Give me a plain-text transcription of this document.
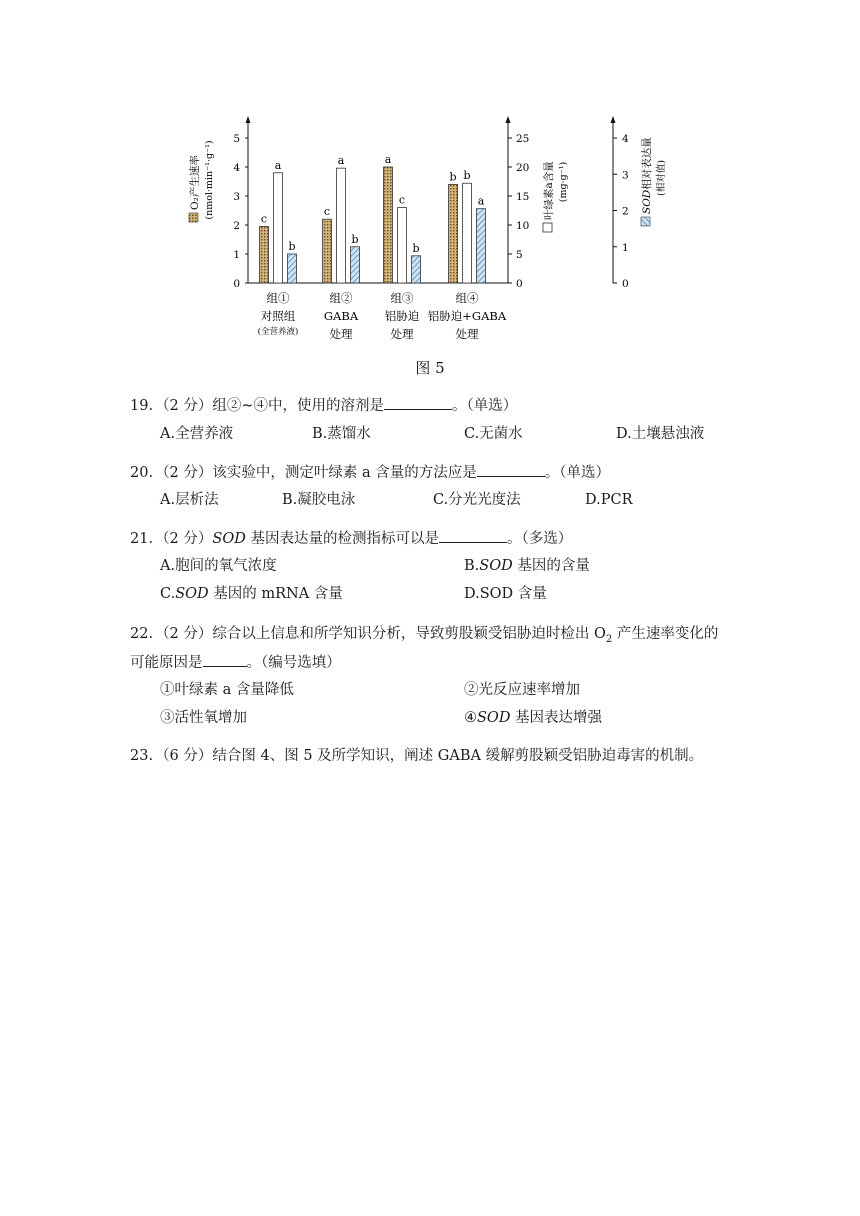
0
1
2
3
4
5
0
5
10
15
20
25
0
1
2
3
4
c
c
a
b
a	a
c
b
b
b
b
a
组①
对照组
(全营养液)
组②
GABA
处理
组③
铝胁迫
处理
组④
铝胁迫+GABA
处理
O₂产生速率 (nmol·min⁻¹·g⁻¹)	叶绿素a含量 (mg·g⁻¹)	SOD相对表达量 (相对值)
图 5
19. （2 分）组②~④中，使用的溶剂是	。（单选）
A.全营养液	B.蒸馏水	C.无菌水	D.土壤悬浊液
20. （2 分）该实验中，测定叶绿素 a 含量的方法应是	。（单选）
A.层析法	B.凝胶电泳	C.分光光度法	D.PCR
21. （2 分）SOD 基因表达量的检测指标可以是	。（多选）
A.胞间的氧气浓度	B.SOD 基因的含量
C.SOD 基因的 mRNA 含量	D.SOD 含量
22. （2 分）综合以上信息和所学知识分析，导致剪股颖受铝胁迫时检出 $O_2$ 产生速率变化的
可能原因是	。（编号选填）
①叶绿素 a 含量降低	②光反应速率增加
③活性氧增加	④SOD 基因表达增强
23. （6 分）结合图 4、图 5 及所学知识，阐述 GABA 缓解剪股颖受铝胁迫毒害的机制。
